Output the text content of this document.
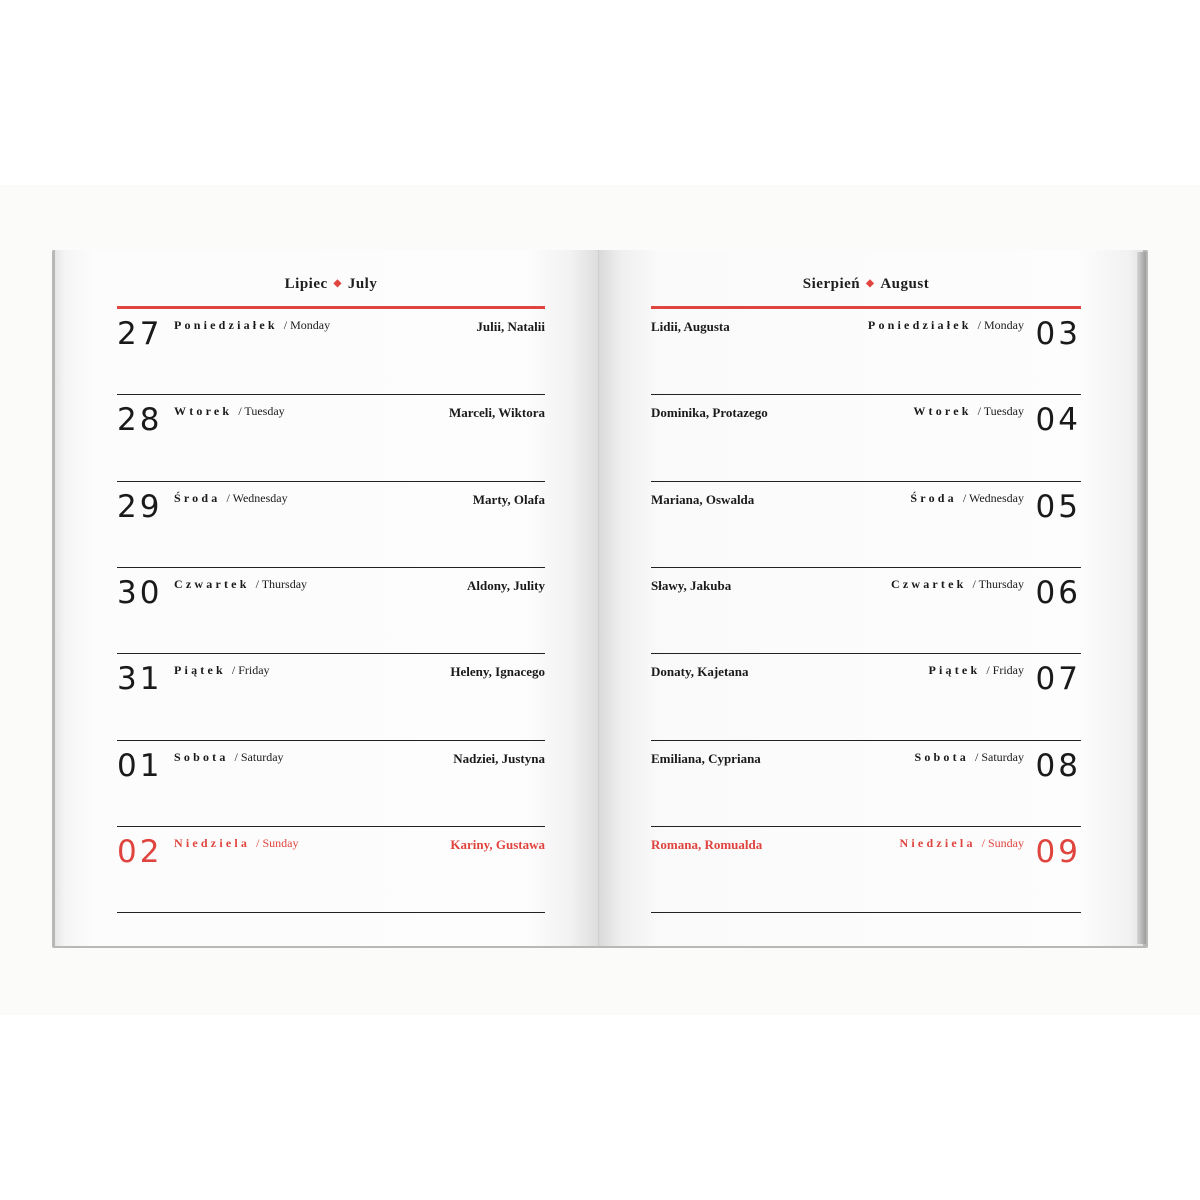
Lipiec ◆ July	Sierpień ◆ August
27 Poniedziałek / Monday	Julii, Natalii
28 Wtorek / Tuesday	Marceli, Wiktora
29 Środa / Wednesday	Marty, Olafa
30 Czwartek / Thursday	Aldony, Julity
31 Piątek / Friday	Heleny, Ignacego
01 Sobota / Saturday	Nadziei, Justyna
02 Niedziela / Sunday	Kariny, Gustawa
Lidii, Augusta	Poniedziałek / Monday 03
Dominika, Protazego	Wtorek / Tuesday 04
Mariana, Oswalda	Środa / Wednesday 05
Sławy, Jakuba	Czwartek / Thursday 06
Donaty, Kajetana	Piątek / Friday 07
Emiliana, Cypriana	Sobota / Saturday 08
Romana, Romualda	Niedziela / Sunday 09
